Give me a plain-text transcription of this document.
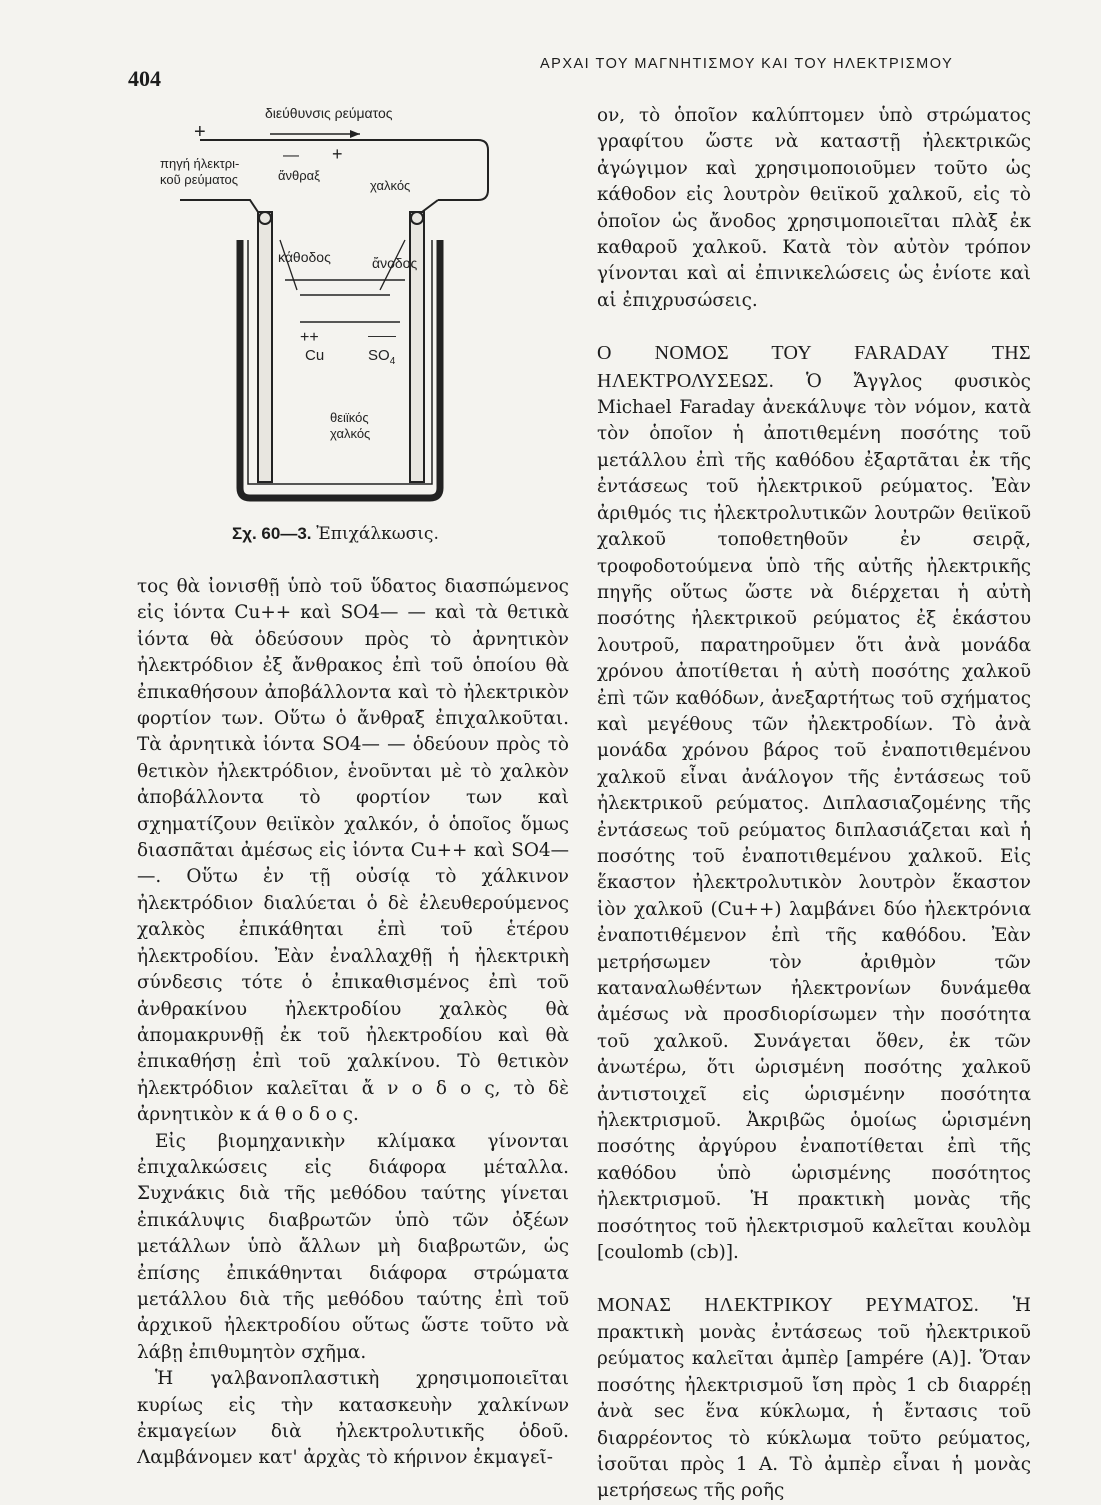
404
ΑΡΧΑΙ ΤΟΥ ΜΑΓΝΗΤΙΣΜΟΥ ΚΑΙ ΤΟΥ ΗΛΕΚΤΡΙΣΜΟΥ
διεύθυνσις ρεύματος
+
πηγή ήλεκτρι-
κοῦ ρεύματος
— +
ἄνθραξ
χαλκός
κάθοδος	ἄνοδος
++
Cu
——
$SO_4$
θειϊκός
χαλκός
Σχ. 60—3. Ἐπιχάλκωσις.

τος θὰ ἰονισθῇ ὑπὸ τοῦ ὕδατος διασπώμενος εἰς ἰόντα Cu++ καὶ SO4— — καὶ τὰ θετικὰ ἰόντα θὰ ὁδεύσουν πρὸς τὸ ἀρνητικὸν ἠλεκτρόδιον ἐξ ἄνθρακος ἐπὶ τοῦ ὁποίου θὰ ἐπικαθήσουν ἀποβάλλοντα καὶ τὸ ἠλεκτρικὸν φορτίον των. Οὕτω ὁ ἄνθραξ ἐπιχαλκοῦται. Τὰ ἀρνητικὰ ἰόντα SO4— — ὁδεύουν πρὸς τὸ θετικὸν ἠλεκτρόδιον, ἑνοῦνται μὲ τὸ χαλκὸν ἀποβάλλοντα τὸ φορτίον των καὶ σχηματίζουν θειϊκὸν χαλκόν, ὁ ὁποῖος ὅμως διασπᾶται ἀμέσως εἰς ἰόντα Cu++ καὶ SO4— —. Οὕτω ἐν τῇ οὐσίᾳ τὸ χάλκινον ἠλεκτρόδιον διαλύεται ὁ δὲ ἐλευθερούμενος χαλκὸς ἐπικάθηται ἐπὶ τοῦ ἑτέρου ἠλεκτροδίου. Ἐὰν ἐναλλαχθῇ ἡ ἠλεκτρικὴ σύνδεσις τότε ὁ ἐπικαθισμένος ἐπὶ τοῦ ἀνθρακίνου ἠλεκτροδίου χαλκὸς θὰ ἀπομακρυνθῇ ἐκ τοῦ ἠλεκτροδίου καὶ θὰ ἐπικαθήσῃ ἐπὶ τοῦ χαλκίνου. Τὸ θετικὸν ἠλεκτρόδιον καλεῖται ἄ ν ο δ ο ς, τὸ δὲ ἀρνητικὸν κ ά θ ο δ ο ς.

Εἰς βιομηχανικὴν κλίμακα γίνονται ἐπιχαλκώσεις εἰς διάφορα μέταλλα. Συχνάκις διὰ τῆς μεθόδου ταύτης γίνεται ἐπικάλυψις διαβρωτῶν ὑπὸ τῶν ὀξέων μετάλλων ὑπὸ ἄλλων μὴ διαβρωτῶν, ὡς ἐπίσης ἐπικάθηνται διάφορα στρώματα μετάλλου διὰ τῆς μεθόδου ταύτης ἐπὶ τοῦ ἀρχικοῦ ἠλεκτροδίου οὕτως ὥστε τοῦτο νὰ λάβῃ ἐπιθυμητὸν σχῆμα.

Ἡ γαλβανοπλαστικὴ χρησιμοποιεῖται κυρίως εἰς τὴν κατασκευὴν χαλκίνων ἐκμαγείων διὰ ἠλεκτρολυτικῆς ὁδοῦ. Λαμβάνομεν κατ' ἀρχὰς τὸ κήρινον ἐκμαγεῖ-

ον, τὸ ὁποῖον καλύπτομεν ὑπὸ στρώματος γραφίτου ὥστε νὰ καταστῇ ἠλεκτρικῶς ἀγώγιμον καὶ χρησιμοποιοῦμεν τοῦτο ὡς κάθοδον εἰς λουτρὸν θειϊκοῦ χαλκοῦ, εἰς τὸ ὁποῖον ὡς ἄνοδος χρησιμοποιεῖται πλὰξ ἐκ καθαροῦ χαλκοῦ. Κατὰ τὸν αὐτὸν τρόπον γίνονται καὶ αἱ ἐπινικελώσεις ὡς ἐνίοτε καὶ αἱ ἐπιχρυσώσεις.

Ο ΝΟΜΟΣ ΤΟΥ FARADAY ΤΗΣ ΗΛΕΚΤΡΟΛΥΣΕΩΣ. Ὁ Ἄγγλος φυσικὸς Michael Faraday ἀνεκάλυψε τὸν νόμον, κατὰ τὸν ὁποῖον ἡ ἀποτιθεμένη ποσότης τοῦ μετάλλου ἐπὶ τῆς καθόδου ἐξαρτᾶται ἐκ τῆς ἐντάσεως τοῦ ἠλεκτρικοῦ ρεύματος. Ἐὰν ἀριθμός τις ἠλεκτρολυτικῶν λουτρῶν θειϊκοῦ χαλκοῦ τοποθετηθοῦν ἐν σειρᾷ, τροφοδοτούμενα ὑπὸ τῆς αὐτῆς ἠλεκτρικῆς πηγῆς οὕτως ὥστε νὰ διέρχεται ἡ αὐτὴ ποσότης ἠλεκτρικοῦ ρεύματος ἐξ ἑκάστου λουτροῦ, παρατηροῦμεν ὅτι ἀνὰ μονάδα χρόνου ἀποτίθεται ἡ αὐτὴ ποσότης χαλκοῦ ἐπὶ τῶν καθόδων, ἀνεξαρτήτως τοῦ σχήματος καὶ μεγέθους τῶν ἠλεκτροδίων. Τὸ ἀνὰ μονάδα χρόνου βάρος τοῦ ἐναποτιθεμένου χαλκοῦ εἶναι ἀνάλογον τῆς ἐντάσεως τοῦ ἠλεκτρικοῦ ρεύματος. Διπλασιαζομένης τῆς ἐντάσεως τοῦ ρεύματος διπλασιάζεται καὶ ἡ ποσότης τοῦ ἐναποτιθεμένου χαλκοῦ. Εἰς ἕκαστον ἠλεκτρολυτικὸν λουτρὸν ἕκαστον ἰὸν χαλκοῦ (Cu++) λαμβάνει δύο ἠλεκτρόνια ἐναποτιθέμενον ἐπὶ τῆς καθόδου. Ἐὰν μετρήσωμεν τὸν ἀριθμὸν τῶν καταναλωθέντων ἠλεκτρονίων δυνάμεθα ἀμέσως νὰ προσδιορίσωμεν τὴν ποσότητα τοῦ χαλκοῦ. Συνάγεται ὅθεν, ἐκ τῶν ἀνωτέρω, ὅτι ὡρισμένη ποσότης χαλκοῦ ἀντιστοιχεῖ εἰς ὡρισμένην ποσότητα ἠλεκτρισμοῦ. Ἀκριβῶς ὁμοίως ὡρισμένη ποσότης ἀργύρου ἐναποτίθεται ἐπὶ τῆς καθόδου ὑπὸ ὡρισμένης ποσότητος ἠλεκτρισμοῦ. Ἡ πρακτικὴ μονὰς τῆς ποσότητος τοῦ ἠλεκτρισμοῦ καλεῖται κουλὸμ [coulomb (cb)].

ΜΟΝΑΣ ΗΛΕΚΤΡΙΚΟΥ ΡΕΥΜΑΤΟΣ. Ἡ πρακτικὴ μονὰς ἐντάσεως τοῦ ἠλεκτρικοῦ ρεύματος καλεῖται ἀμπὲρ [ampére (A)]. Ὅταν ποσότης ἠλεκτρισμοῦ ἴση πρὸς 1 cb διαρρέῃ ἀνὰ sec ἕνα κύκλωμα, ἡ ἔντασις τοῦ διαρρέοντος τὸ κύκλωμα τοῦτο ρεύματος, ἰσοῦται πρὸς 1 A. Τὸ ἀμπὲρ εἶναι ἡ μονὰς μετρήσεως τῆς ροῆς
